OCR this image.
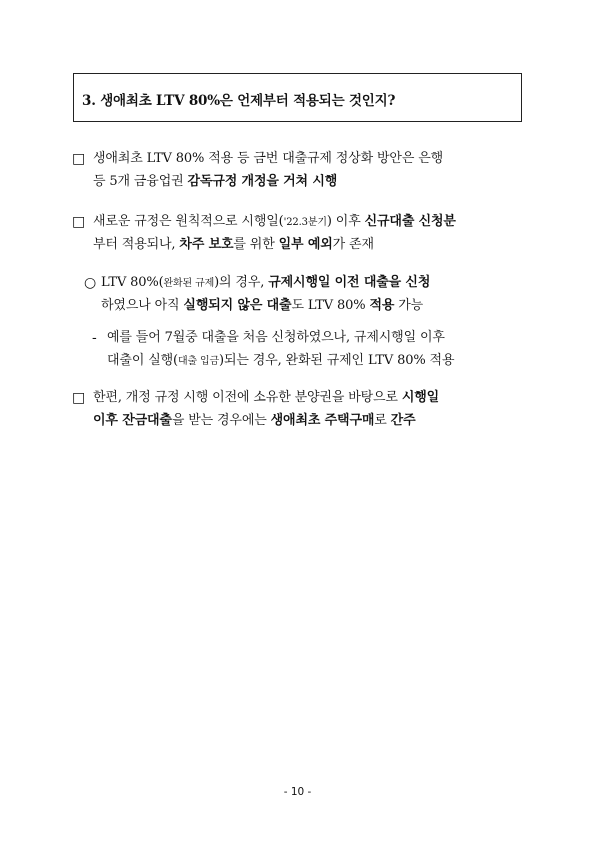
3. 생애최초 LTV 80%은 언제부터 적용되는 것인지?
□ 생애최초 LTV 80% 적용 등 금번 대출규제 정상화 방안은 은행
등 5개 금융업권 감독규정 개정을 거쳐 시행
□ 새로운 규정은 원칙적으로 시행일('22.3분기) 이후 신규대출 신청분
부터 적용되나, 차주 보호를 위한 일부 예외가 존재
○ LTV 80%(완화된 규제)의 경우, 규제시행일 이전 대출을 신청
하였으나 아직 실행되지 않은 대출도 LTV 80% 적용 가능
- 예를 들어 7월중 대출을 처음 신청하였으나, 규제시행일 이후
대출이 실행(대출 입금)되는 경우, 완화된 규제인 LTV 80% 적용
□ 한편, 개정 규정 시행 이전에 소유한 분양권을 바탕으로 시행일
이후 잔금대출을 받는 경우에는 생애최초 주택구매로 간주
- 10 -
